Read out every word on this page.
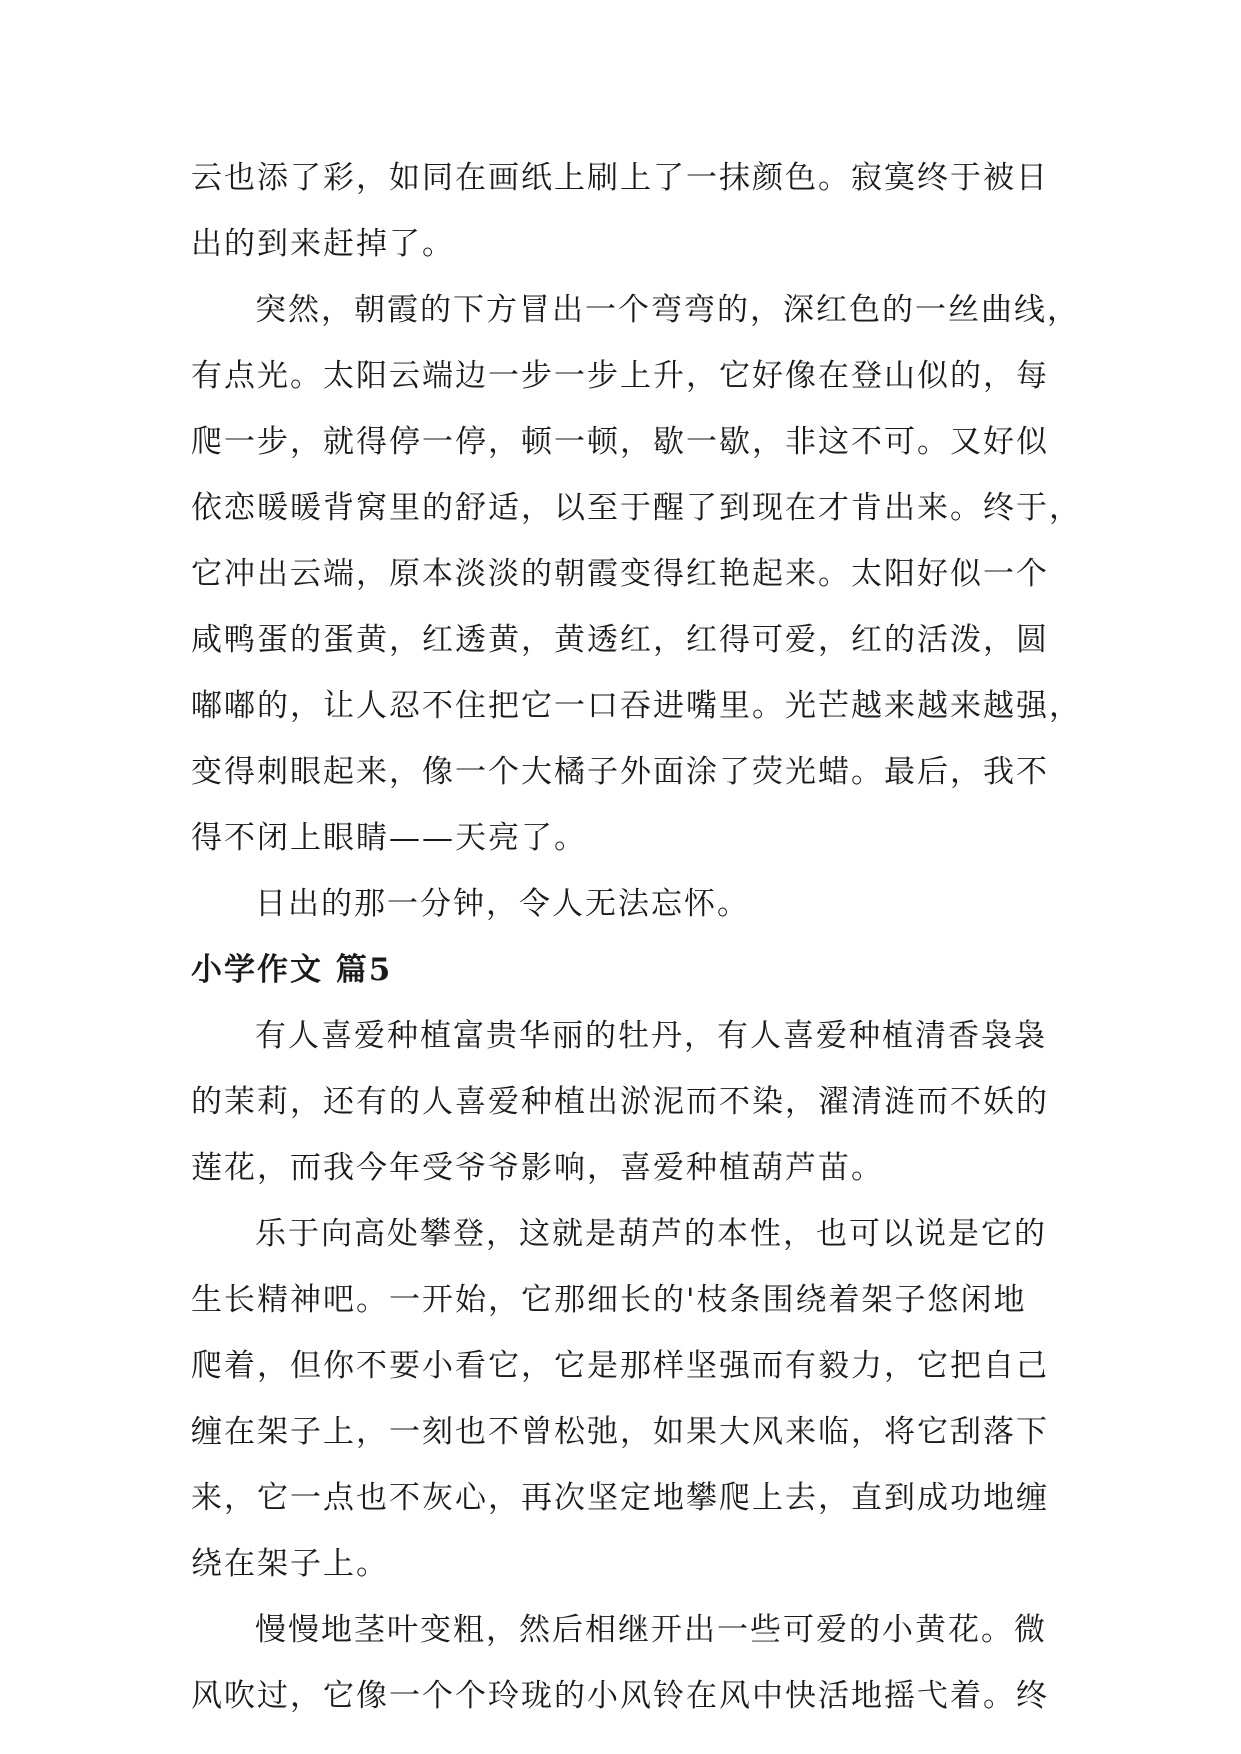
云也添了彩，如同在画纸上刷上了一抹颜色。寂寞终于被日
出的到来赶掉了。

突然，朝霞的下方冒出一个弯弯的，深红色的一丝曲线，
有点光。太阳云端边一步一步上升，它好像在登山似的，每
爬一步，就得停一停，顿一顿，歇一歇，非这不可。又好似
依恋暖暖背窝里的舒适，以至于醒了到现在才肯出来。终于，
它冲出云端，原本淡淡的朝霞变得红艳起来。太阳好似一个
咸鸭蛋的蛋黄，红透黄，黄透红，红得可爱，红的活泼，圆
嘟嘟的，让人忍不住把它一口吞进嘴里。光芒越来越来越强，
变得刺眼起来，像一个大橘子外面涂了荧光蜡。最后，我不
得不闭上眼睛——天亮了。

日出的那一分钟，令人无法忘怀。

小学作文 篇5

有人喜爱种植富贵华丽的牡丹，有人喜爱种植清香袅袅
的茉莉，还有的人喜爱种植出淤泥而不染，濯清涟而不妖的
莲花，而我今年受爷爷影响，喜爱种植葫芦苗。

乐于向高处攀登，这就是葫芦的本性，也可以说是它的
生长精神吧。一开始，它那细长的'枝条围绕着架子悠闲地
爬着，但你不要小看它，它是那样坚强而有毅力，它把自己
缠在架子上，一刻也不曾松弛，如果大风来临，将它刮落下
来，它一点也不灰心，再次坚定地攀爬上去，直到成功地缠
绕在架子上。

慢慢地茎叶变粗，然后相继开出一些可爱的小黄花。微
风吹过，它像一个个玲珑的小风铃在风中快活地摇弋着。终
